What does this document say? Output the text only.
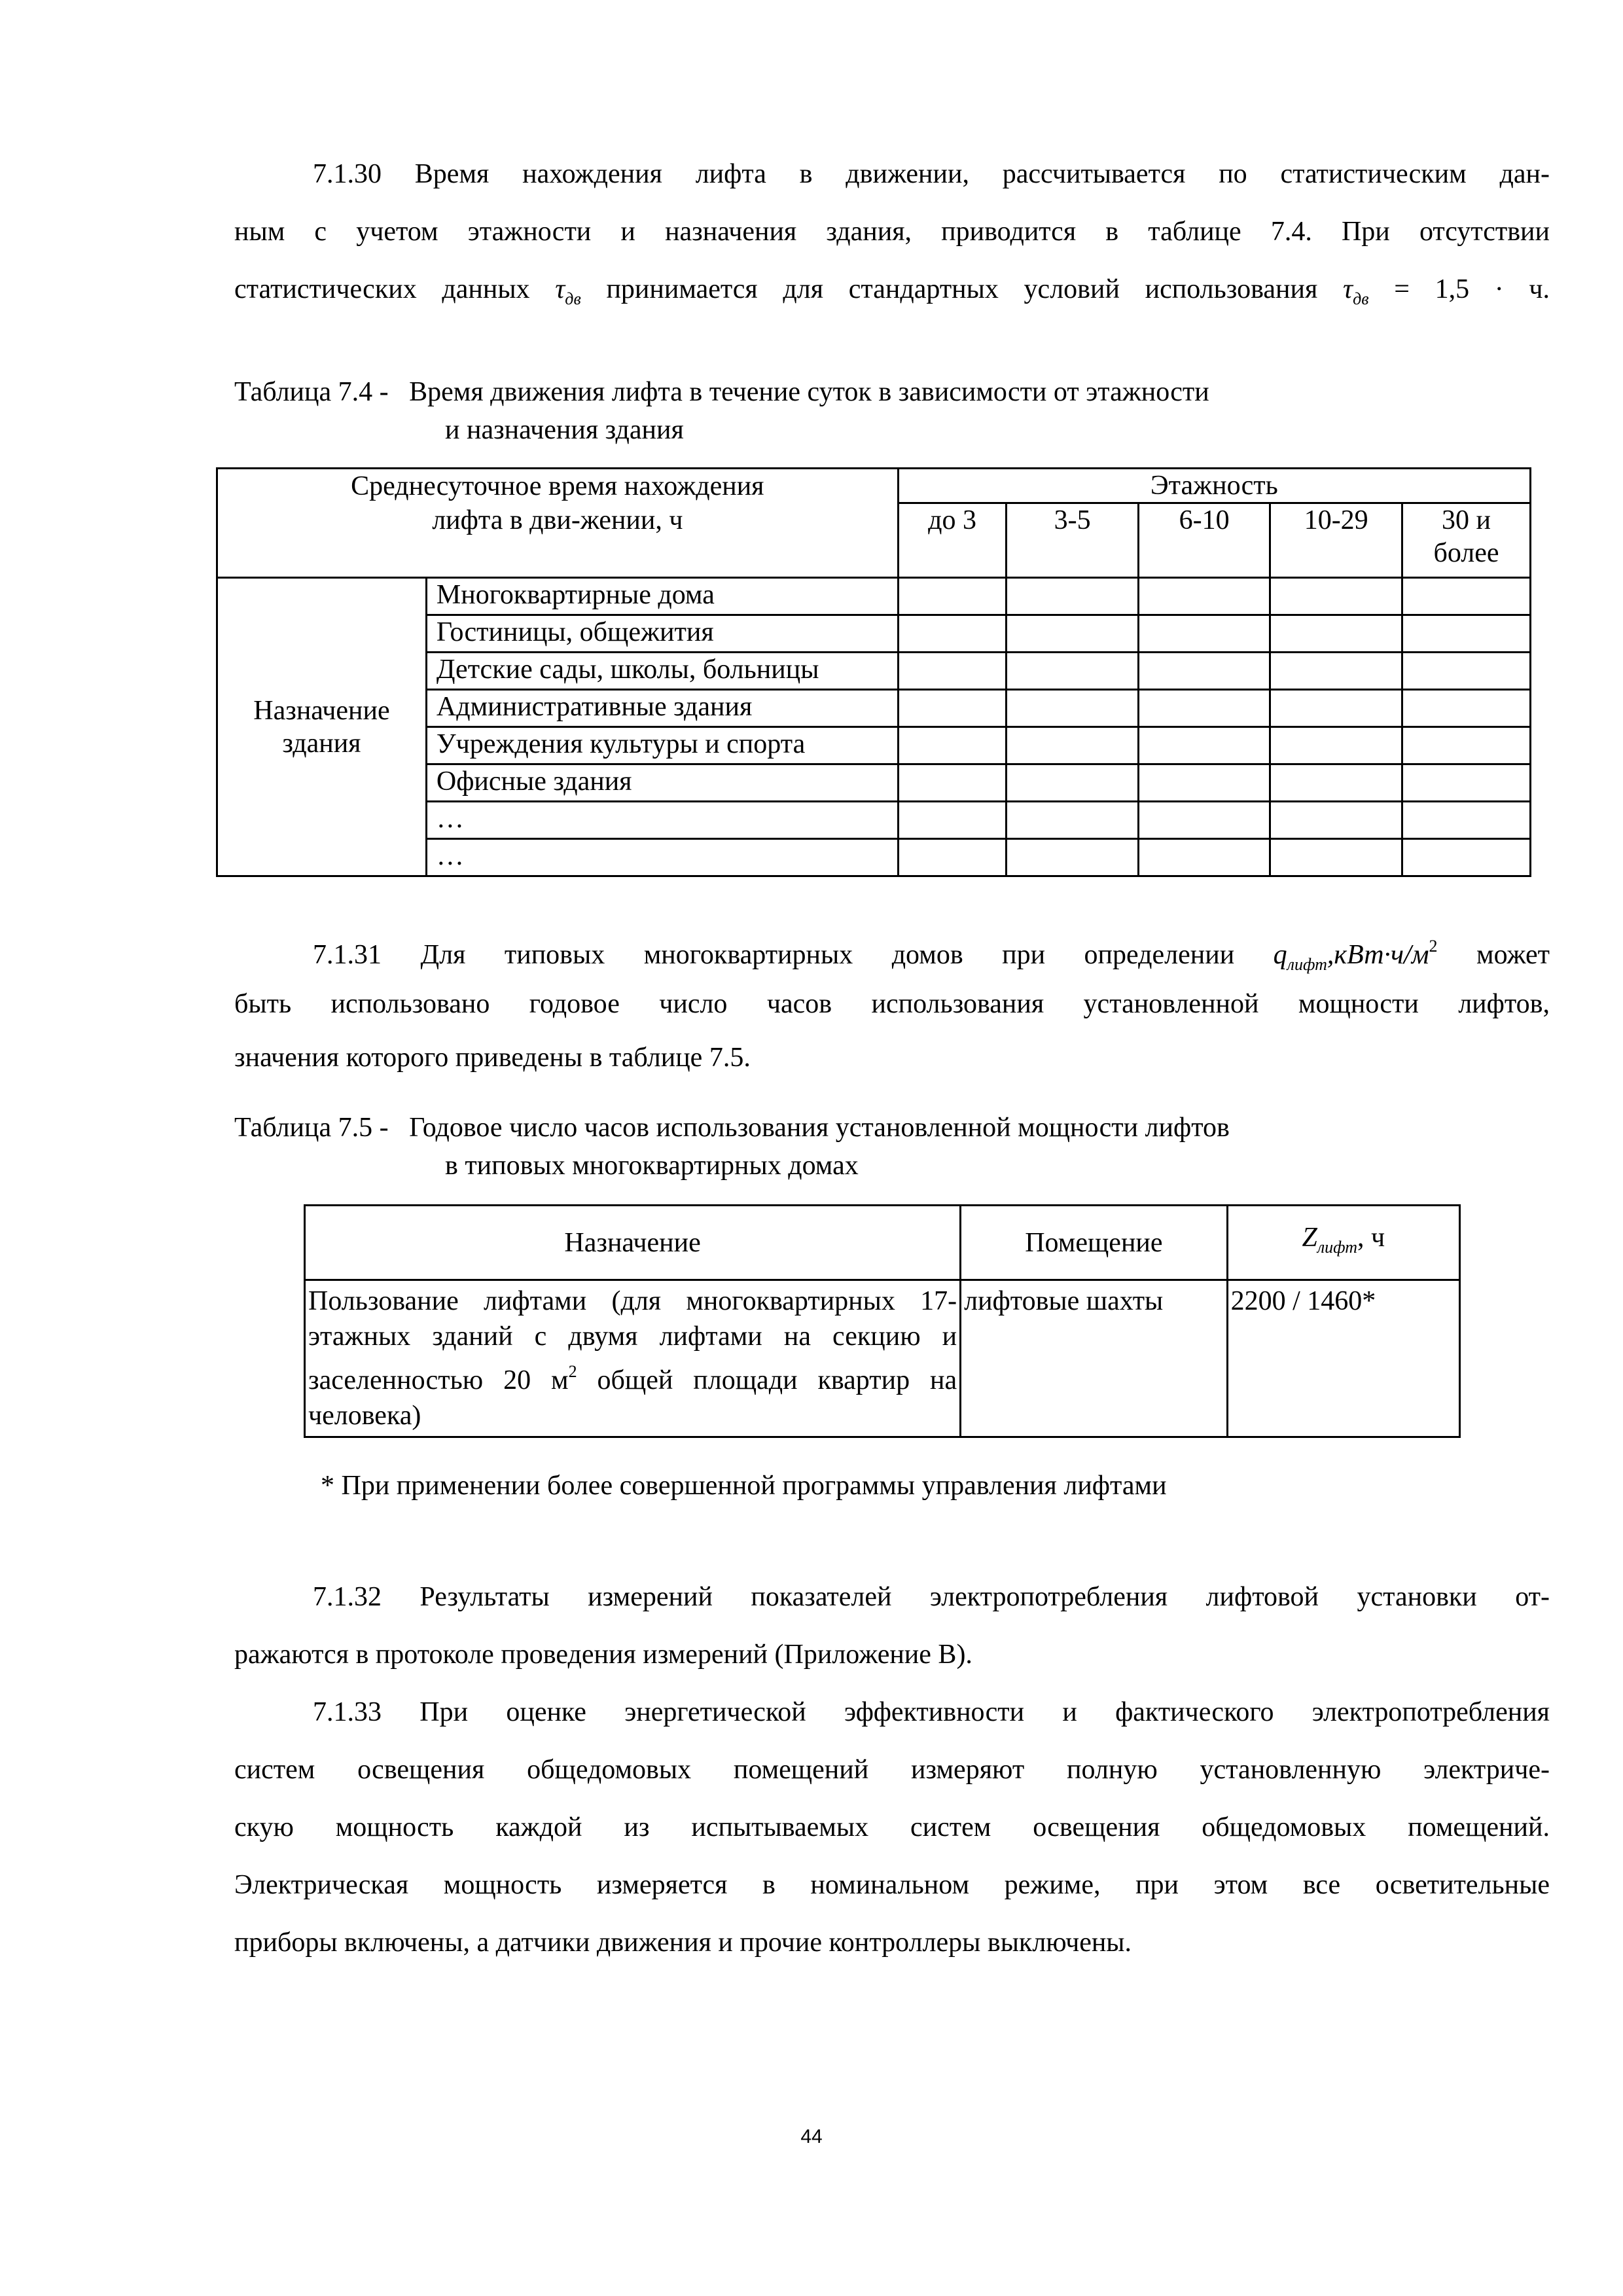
7.1.30 Время нахождения лифта в движении, рассчитывается по статистическим дан-
ным с учетом этажности и назначения здания, приводится в таблице 7.4. При отсутствии
статистических данных $\tau_{дв}$ принимается для стандартных условий использования $\tau_{дв} = 1,5 \cdot ч$.
Таблица 7.4 - Время движения лифта в течение суток в зависимости от этажности
и назначения здания
Среднесуточное время нахождения лифта в дви-жении, ч		Этажность				
		до 3	3-5	6-10	10-29	30 и более
Назначение здания	Многоквартирные дома					
	Гостиницы, общежития					
	Детские сады, школы, больницы					
	Административные здания					
	Учреждения культуры и спорта					
	Офисные здания					
	…					
	…					
7.1.31 Для типовых многоквартирных домов при определении $q_{лифт},кВт\cdot ч/м^2$ может
быть использовано годовое число часов использования установленной мощности лифтов,
значения которого приведены в таблице 7.5.
Таблица 7.5 - Годовое число часов использования установленной мощности лифтов
в типовых многоквартирных домах
Назначение	Помещение	$Z_{лифт}$, ч
Пользование лифтами (для многоквартирных 17-этажных зданий с двумя лифтами на секцию и заселенностью 20 $м^2$ общей площади квартир на человека)	лифтовые шахты	2200 / 1460*
* При применении более совершенной программы управления лифтами
7.1.32 Результаты измерений показателей электропотребления лифтовой установки от-
ражаются в протоколе проведения измерений (Приложение В).
7.1.33 При оценке энергетической эффективности и фактического электропотребления
систем освещения общедомовых помещений измеряют полную установленную электриче-
скую мощность каждой из испытываемых систем освещения общедомовых помещений.
Электрическая мощность измеряется в номинальном режиме, при этом все осветительные
приборы включены, а датчики движения и прочие контроллеры выключены.
44
